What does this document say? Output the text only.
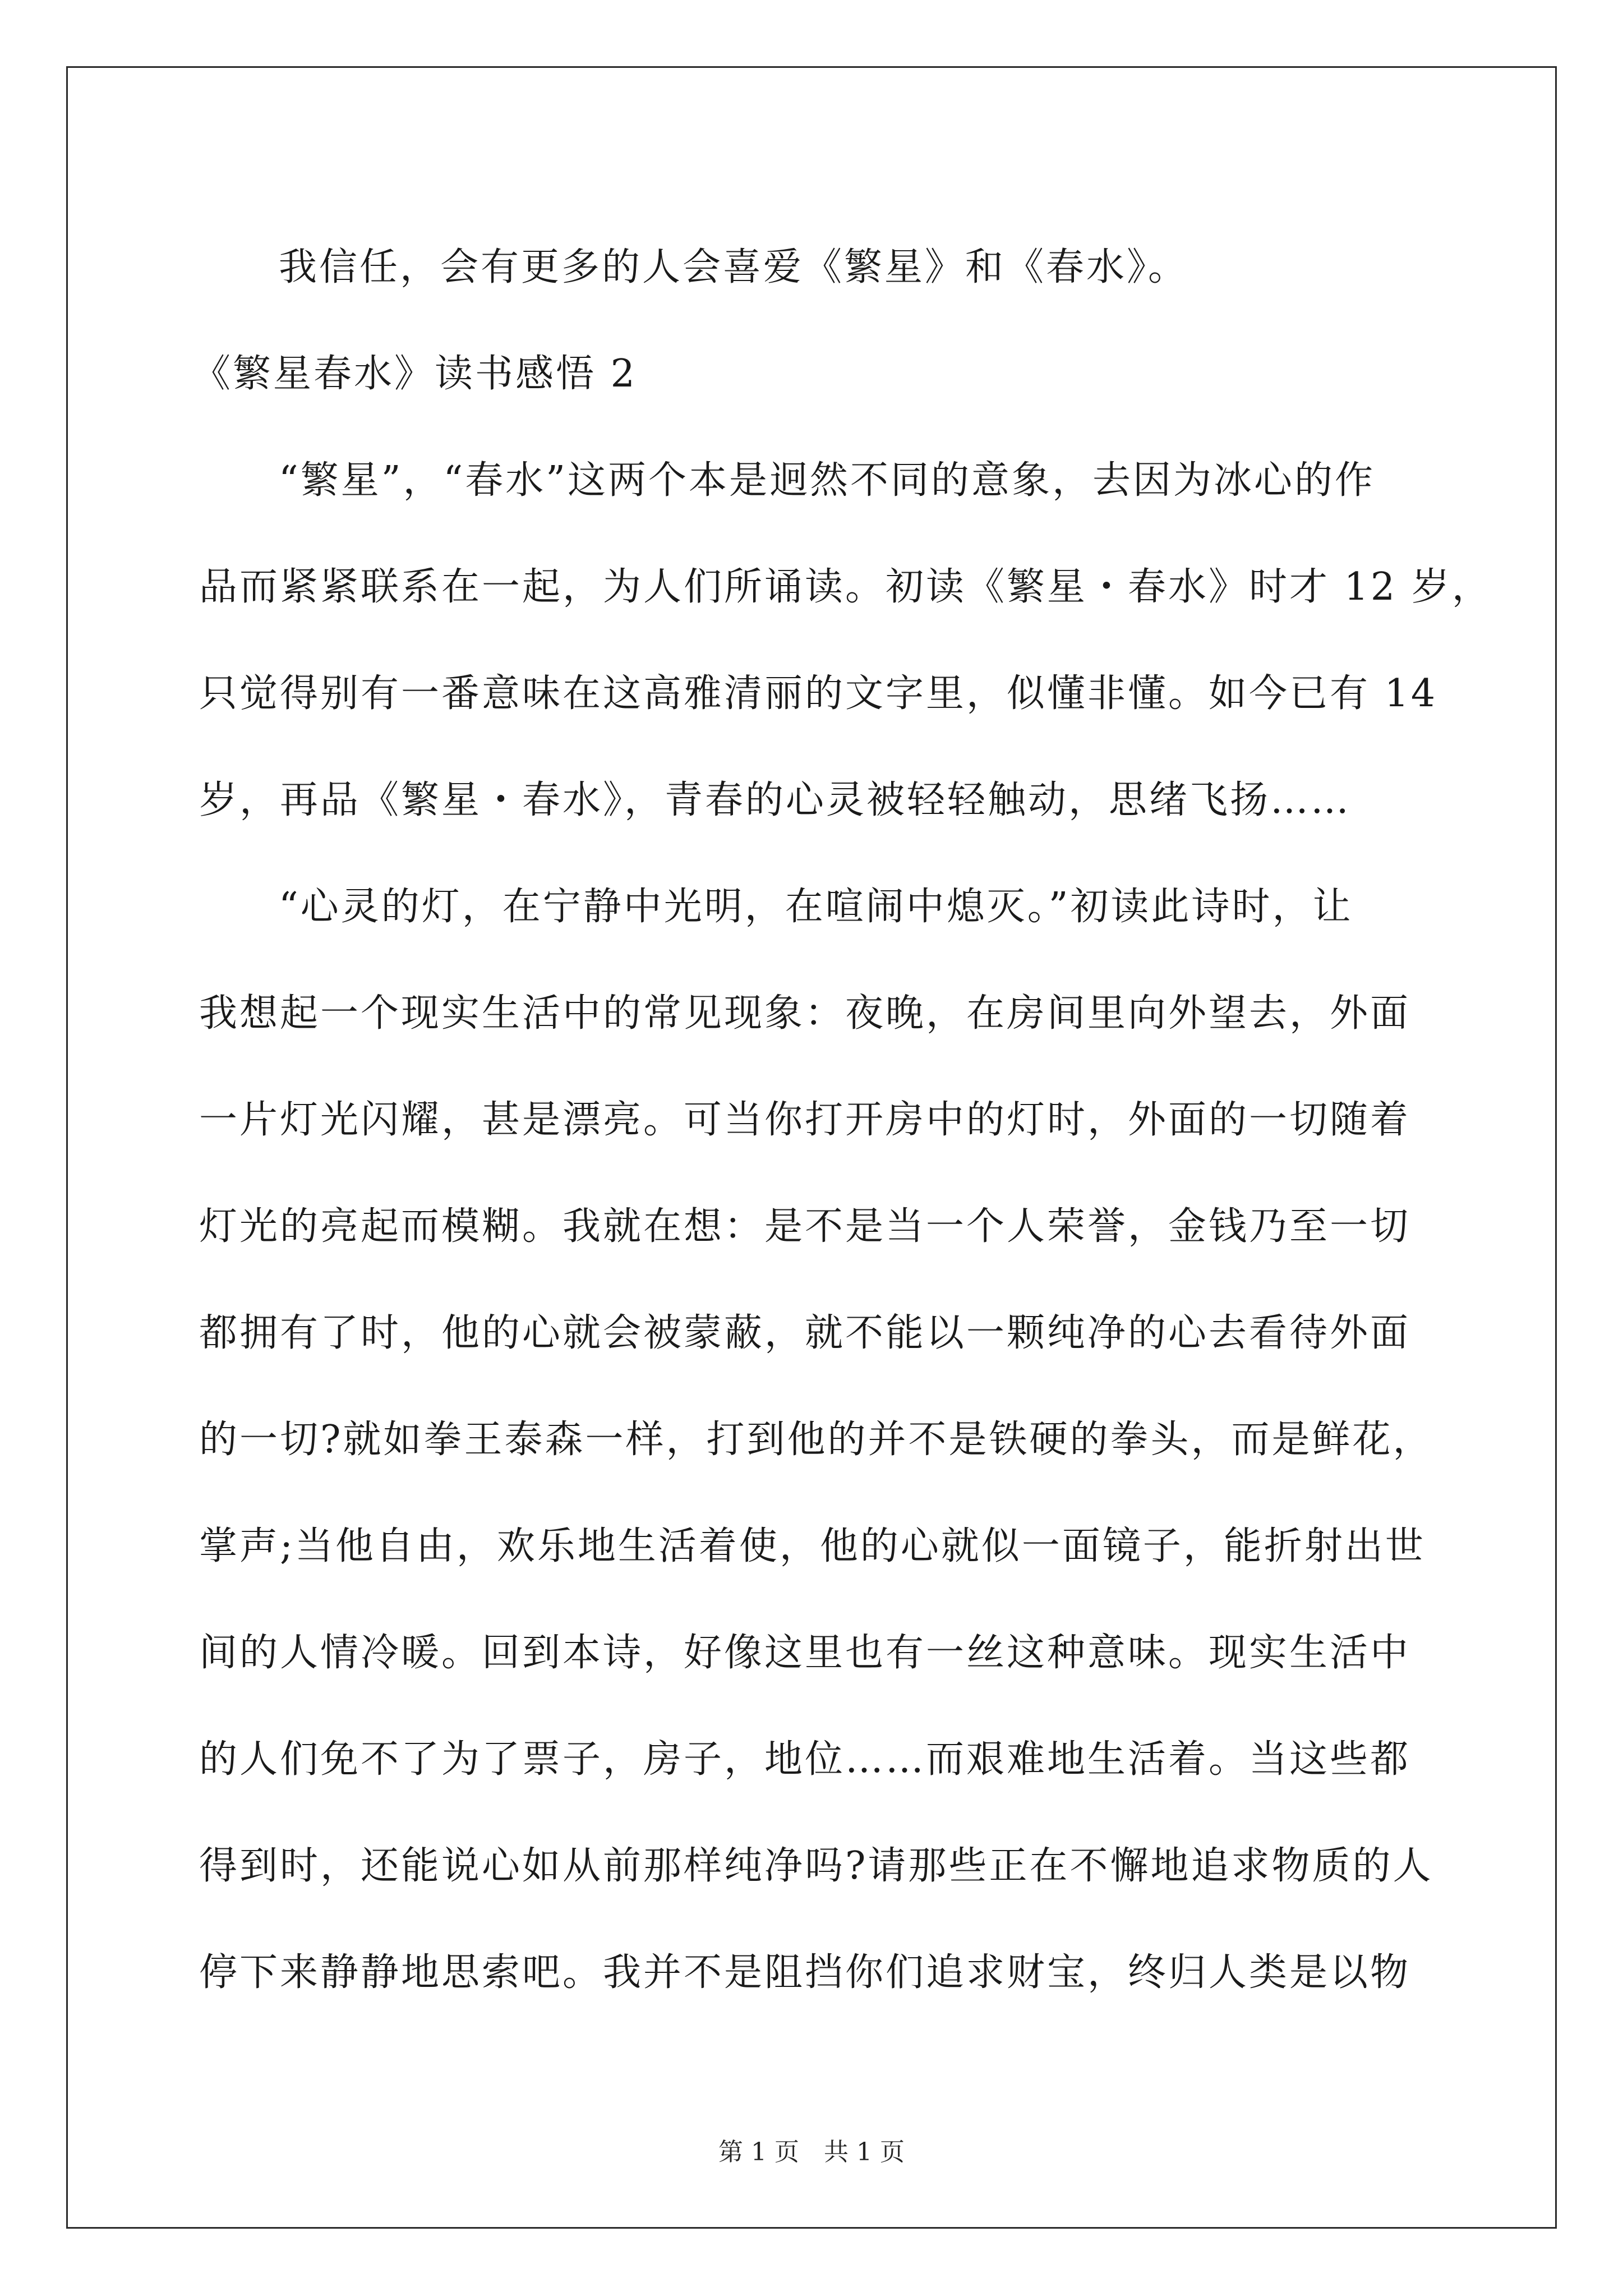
我信任，会有更多的人会喜爱《繁星》和《春水》。
《繁星春水》读书感悟 2
“繁星”，“春水”这两个本是迥然不同的意象，去因为冰心的作
品而紧紧联系在一起，为人们所诵读。初读《繁星・春水》时才 12 岁，
只觉得别有一番意味在这高雅清丽的文字里，似懂非懂。如今已有 14
岁，再品《繁星・春水》，青春的心灵被轻轻触动，思绪飞扬……
“心灵的灯，在宁静中光明，在喧闹中熄灭。”初读此诗时，让
我想起一个现实生活中的常见现象：夜晚，在房间里向外望去，外面
一片灯光闪耀，甚是漂亮。可当你打开房中的灯时，外面的一切随着
灯光的亮起而模糊。我就在想：是不是当一个人荣誉，金钱乃至一切
都拥有了时，他的心就会被蒙蔽，就不能以一颗纯净的心去看待外面
的一切?就如拳王泰森一样，打到他的并不是铁硬的拳头，而是鲜花，
掌声;当他自由，欢乐地生活着使，他的心就似一面镜子，能折射出世
间的人情冷暖。回到本诗，好像这里也有一丝这种意味。现实生活中
的人们免不了为了票子，房子，地位……而艰难地生活着。当这些都
得到时，还能说心如从前那样纯净吗?请那些正在不懈地追求物质的人
停下来静静地思索吧。我并不是阻挡你们追求财宝，终归人类是以物
第 1 页　共 1 页
